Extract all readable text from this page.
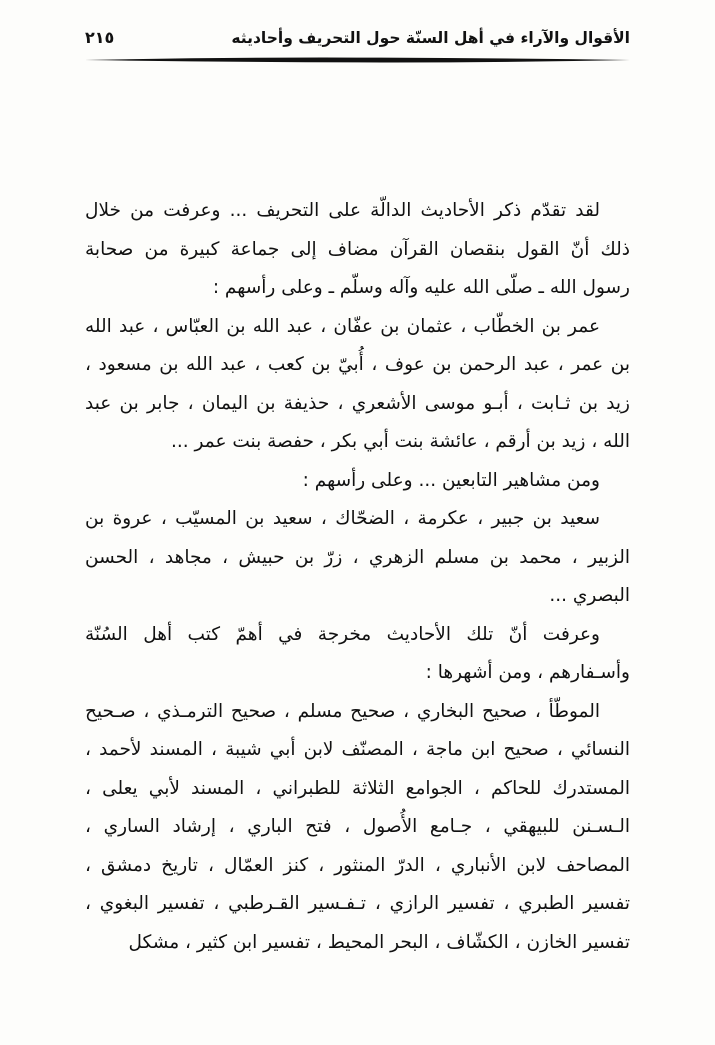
الأقوال والآراء في أهل السنّة حول التحريف وأحاديثه
٢١٥

لقد تقدّم ذكر الأحاديث الدالّة على التحريف ... وعرفت من خلال ذلك أنّ القول بنقصان القرآن مضاف إلى جماعة كبيرة من صحابة رسول الله ـ صلّى الله عليه وآله وسلّم ـ وعلى رأسهم :

عمر بن الخطّاب ، عثمان بن عفّان ، عبد الله بن العبّاس ، عبد الله بن عمر ، عبد الرحمن بن عوف ، أُبيّ بن كعب ، عبد الله بن مسعود ، زيد بن ثـابت ، أبـو موسى الأشعري ، حذيفة بن اليمان ، جابر بن عبد الله ، زيد بن أرقم ، عائشة بنت أبي بكر ، حفصة بنت عمر ...

ومن مشاهير التابعين ... وعلى رأسهم :

سعيد بن جبير ، عكرمة ، الضحّاك ، سعيد بن المسيّب ، عروة بن الزبير ، محمد بن مسلم الزهري ، زرّ بن حبيش ، مجاهد ، الحسن البصري ...

وعرفت أنّ تلك الأحاديث مخرجة في أهمّ كتب أهل السُنّة وأسـفارهم ، ومن أشهرها :

الموطّأ ، صحيح البخاري ، صحيح مسلم ، صحيح الترمـذي ، صـحيح النسائي ، صحيح ابن ماجة ، المصنّف لابن أبي شيبة ، المسند لأحمد ، المستدرك للحاكم ، الجوامع الثلاثة للطبراني ، المسند لأبي يعلى ، الـسـنن للبيهقي ، جـامع الأُصول ، فتح الباري ، إرشاد الساري ، المصاحف لابن الأنباري ، الدرّ المنثور ، كنز العمّال ، تاريخ دمشق ، تفسير الطبري ، تفسير الرازي ، تـفـسير القـرطبي ، تفسير البغوي ، تفسير الخازن ، الكشّاف ، البحر المحيط ، تفسير ابن كثير ، مشكل
